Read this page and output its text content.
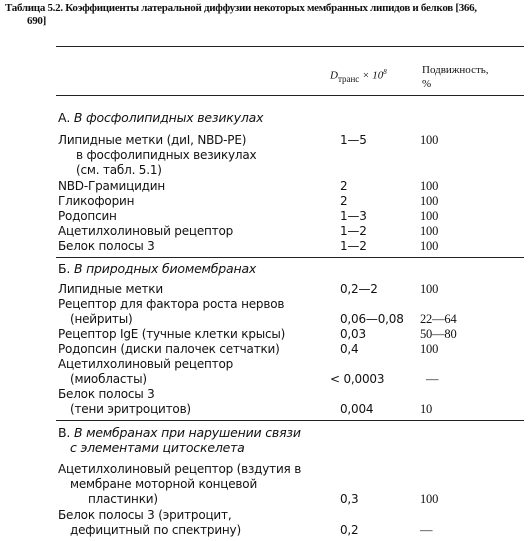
Таблица 5.2. Коэффициенты латеральной диффузии некоторых мембранных липидов и белков [366,
690]
$D_{транс} \times 10^8$	Подвижность,
%
А. В фосфолипидных везикулах
Липидные метки (диI, NBD-PE)
в фосфолипидных везикулах
(см. табл. 5.1)
1—5	100
NBD-Грамицидин	2	100
Гликофорин	2	100
Родопсин	1—3	100
Ацетилхолиновый рецептор	1—2	100
Белок полосы 3	1—2	100
Б. В природных биомембранах
Липидные метки	0,2—2	100
Рецептор для фактора роста нервов
(нейриты)	0,06—0,08 22—64
Рецептор IgE (тучные клетки крысы)	0,03	50—80
Родопсин (диски палочек сетчатки)	0,4	100
Ацетилхолиновый рецептор
(миобласты)	< 0,0003	—
Белок полосы 3
(тени эритроцитов)	0,004	10
В. В мембранах при нарушении связи
с элементами цитоскелета
Ацетилхолиновый рецептор (вздутия в
мембране моторной концевой
пластинки)	0,3	100
Белок полосы 3 (эритроцит,
дефицитный по спектрину)	0,2	—
